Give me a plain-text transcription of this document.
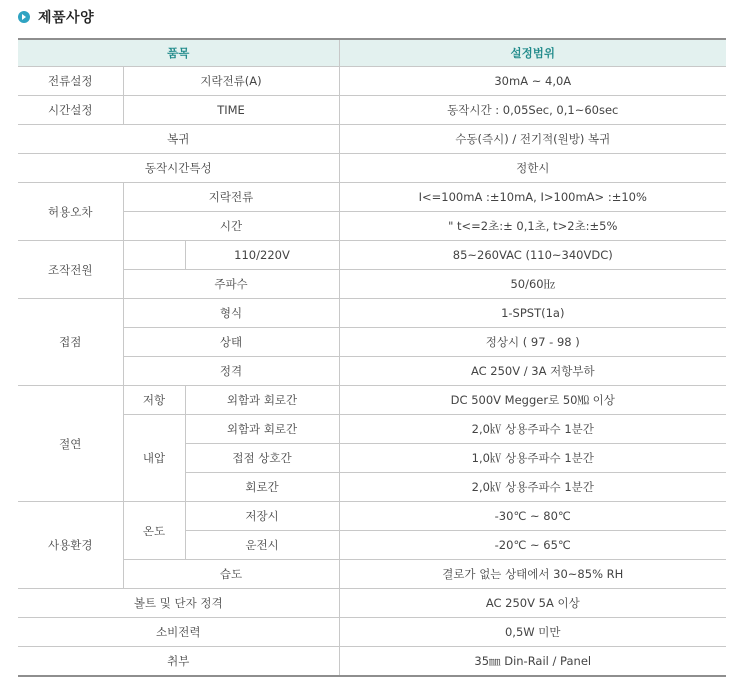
제품사양
품목			설정범위
전류설정	지락전류(A)		30mA ~ 4,0A
시간설정	TIME		동작시간 : 0,05Sec, 0,1~60sec
복귀			수동(즉시) / 전기적(원방) 복귀
동작시간특성			정한시
허용오차	지락전류		I<=100mA :±10mA, I>100mA> :±10%
	시간		" t<=2초:± 0,1초, t>2초:±5%
조작전원		110/220V	85~260VAC (110~340VDC)
	주파수		50/60㎐
접점	형식		1-SPST(1a)
	상태		정상시 ( 97 - 98 )
	정격		AC 250V / 3A 저항부하
절연	저항	외함과 회로간	DC 500V Megger로 50㏁ 이상
	내압	외함과 회로간	2,0㎸ 상용주파수 1분간
		접점 상호간	1,0㎸ 상용주파수 1분간
		회로간	2,0㎸ 상용주파수 1분간
사용환경	온도	저장시	-30℃ ~ 80℃
		운전시	-20℃ ~ 65℃
	습도		결로가 없는 상태에서 30~85% RH
볼트 및 단자 정격			AC 250V 5A 이상
소비전력			0,5W 미만
취부			35㎜ Din-Rail / Panel
